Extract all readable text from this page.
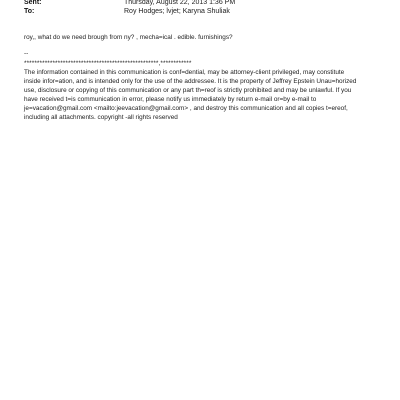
Sent:	Thursday, August 22, 2013 1:36 PM
To:	Roy Hodges; lvjet; Karyna Shuliak
roy,, what do we need brough from ny? , mecha=ical . edible. furnishings?
--
****************************************************,************
The information contained in this communication is conf=dential, may be attorney-client privileged, may constitute
inside infor=ation, and is intended only for the use of the addressee. It is the property of Jeffrey Epstein Unau=horized
use, disclosure or copying of this communication or any part th=reof is strictly prohibited and may be unlawful. If you
have received t=is communication in error, please notify us immediately by return e-mail or=by e-mail to
je=vacation@gmail.com <mailto:jeevacation@gmail.com> , and destroy this communication and all copies t=ereof,
including all attachments. copyright -all rights reserved
